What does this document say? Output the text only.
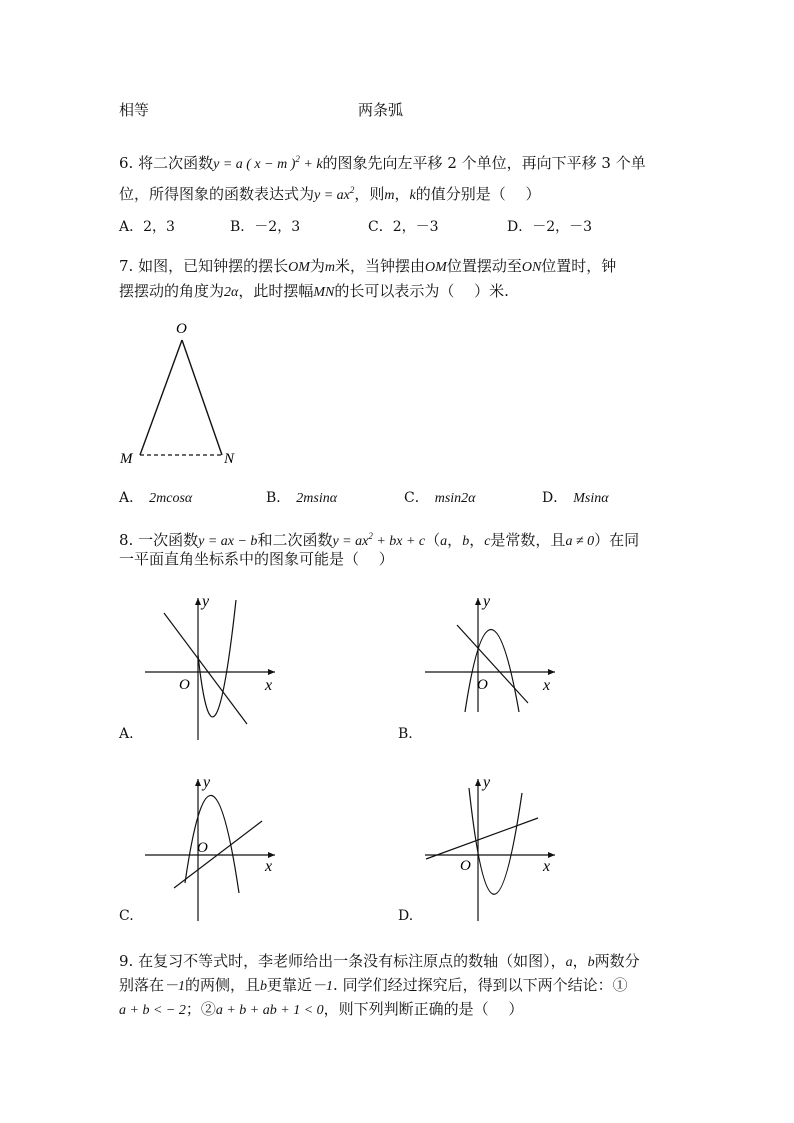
相等	两条弧
6. 将二次函数y = a ( x − m )$^2$ + k的图象先向左平移 2 个单位，再向下平移 3 个单
位，所得图象的函数表达式为$y = ax^2$，则m，k的值分别是（　 ）
A．2，3	B．－2，3	C．2，－3	D．－2，－3
7. 如图，已知钟摆的摆长OM为m米，当钟摆由OM位置摆动至ON位置时，钟
摆摆动的角度为2α，此时摆幅MN的长可以表示为（　 ）米.
O
M	N
A． 2mcosα	B． 2msinα	C． msin2α	D． Msinα
8. 一次函数y = ax − b和二次函数$y = ax^2$ + bx + c（a，b，c是常数，且a ≠ 0）在同
一平面直角坐标系中的图象可能是（　 ）
y
x
O
A.
y
x
O
B.
y
x
O
C.
y
x
O
D.
9. 在复习不等式时，李老师给出一条没有标注原点的数轴（如图），a，b两数分
别落在－1的两侧，且b更靠近－1. 同学们经过探究后，得到以下两个结论：①
a + b < − 2；②a + b + ab + 1 < 0，则下列判断正确的是（　 ）
